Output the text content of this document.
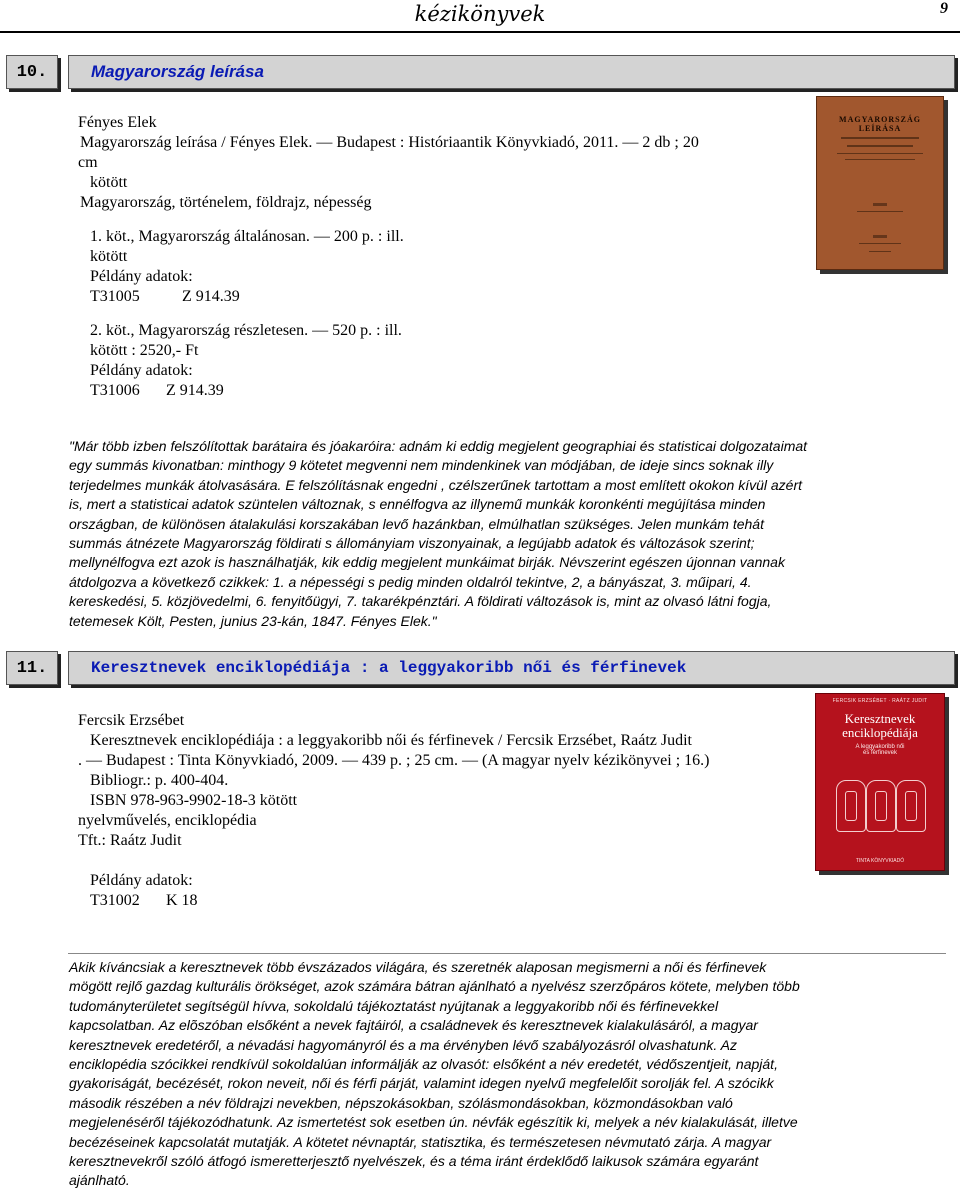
kézikönyvek	9
10.	Magyarország leírása
Fényes Elek
Magyarország leírása / Fényes Elek. — Budapest : Históriaantik Könyvkiadó, 2011. — 2 db ; 20
cm
kötött
Magyarország, történelem, földrajz, népesség
1. köt., Magyarország általánosan. — 200 p. : ill.
kötött
Példány adatok:
T31005	Z 914.39
2. köt., Magyarország részletesen. — 520 p. : ill.
kötött : 2520,- Ft
Példány adatok:
T31006 Z 914.39
MAGYARORSZÁG LEÍRÁSA
"Már több izben felszólítottak barátaira és jóakaróira: adnám ki eddig megjelent geographiai és statisticai dolgozataimat
egy summás kivonatban: minthogy 9 kötetet megvenni nem mindenkinek van módjában, de ideje sincs soknak illy
terjedelmes munkák átolvasására. E felszólításnak engedni , czélszerűnek tartottam a most említett okokon kívül azért
is, mert a statisticai adatok szüntelen változnak, s ennélfogva az illynemű munkák koronkénti megújítása minden
országban, de különösen átalakulási korszakában levő hazánkban, elmúlhatlan szükséges. Jelen munkám tehát
summás átnézete Magyarország földirati s állományiam viszonyainak, a legújabb adatok és változások szerint;
mellynélfogva ezt azok is használhatják, kik eddig megjelent munkáimat birják. Névszerint egészen újonnan vannak
átdolgozva a következő czikkek: 1. a népességi s pedig minden oldalról tekintve, 2, a bányászat, 3. műipari, 4.
kereskedési, 5. közjövedelmi, 6. fenyitőügyi, 7. takarékpénztári. A földirati változások is, mint az olvasó látni fogja,
tetemesek Költ, Pesten, junius 23-kán, 1847. Fényes Elek."
11.	Keresztnevek enciklopédiája : a leggyakoribb női és férfinevek
Fercsik Erzsébet
Keresztnevek enciklopédiája : a leggyakoribb női és férfinevek / Fercsik Erzsébet, Raátz Judit
. — Budapest : Tinta Könyvkiadó, 2009. — 439 p. ; 25 cm. — (A magyar nyelv kézikönyvei ; 16.)
Bibliogr.: p. 400-404.
ISBN 978-963-9902-18-3 kötött
nyelvművelés, enciklopédia
Tft.: Raátz Judit
Példány adatok:
T31002 K 18
FERCSIK ERZSÉBET · RAÁTZ JUDIT
Keresztnevek
enciklopédiája
A leggyakoribb női
és férfinevek
TINTA KÖNYVKIADÓ
Akik kíváncsiak a keresztnevek több évszázados világára, és szeretnék alaposan megismerni a női és férfinevek
mögött rejlő gazdag kulturális örökséget, azok számára bátran ajánlható a nyelvész szerzőpáros kötete, melyben több
tudományterületet segítségül hívva, sokoldalú tájékoztatást nyújtanak a leggyakoribb női és férfinevekkel
kapcsolatban. Az elõszóban elsőként a nevek fajtáiról, a családnevek és keresztnevek kialakulásáról, a magyar
keresztnevek eredetéről, a névadási hagyományról és a ma érvényben lévő szabályozásról olvashatunk. Az
enciklopédia szócikkei rendkívül sokoldalúan informálják az olvasót: elsőként a név eredetét, védőszentjeit, napját,
gyakoriságát, becézését, rokon neveit, női és férfi párját, valamint idegen nyelvű megfelelőit sorolják fel. A szócikk
második részében a név földrajzi nevekben, népszokásokban, szólásmondásokban, közmondásokban való
megjelenéséről tájékozódhatunk. Az ismertetést sok esetben ún. névfák egészítik ki, melyek a név kialakulását, illetve
becézéseinek kapcsolatát mutatják. A kötetet névnaptár, statisztika, és természetesen névmutató zárja. A magyar
keresztnevekről szóló átfogó ismeretterjesztő nyelvészek, és a téma iránt érdeklődő laikusok számára egyaránt
ajánlható.
